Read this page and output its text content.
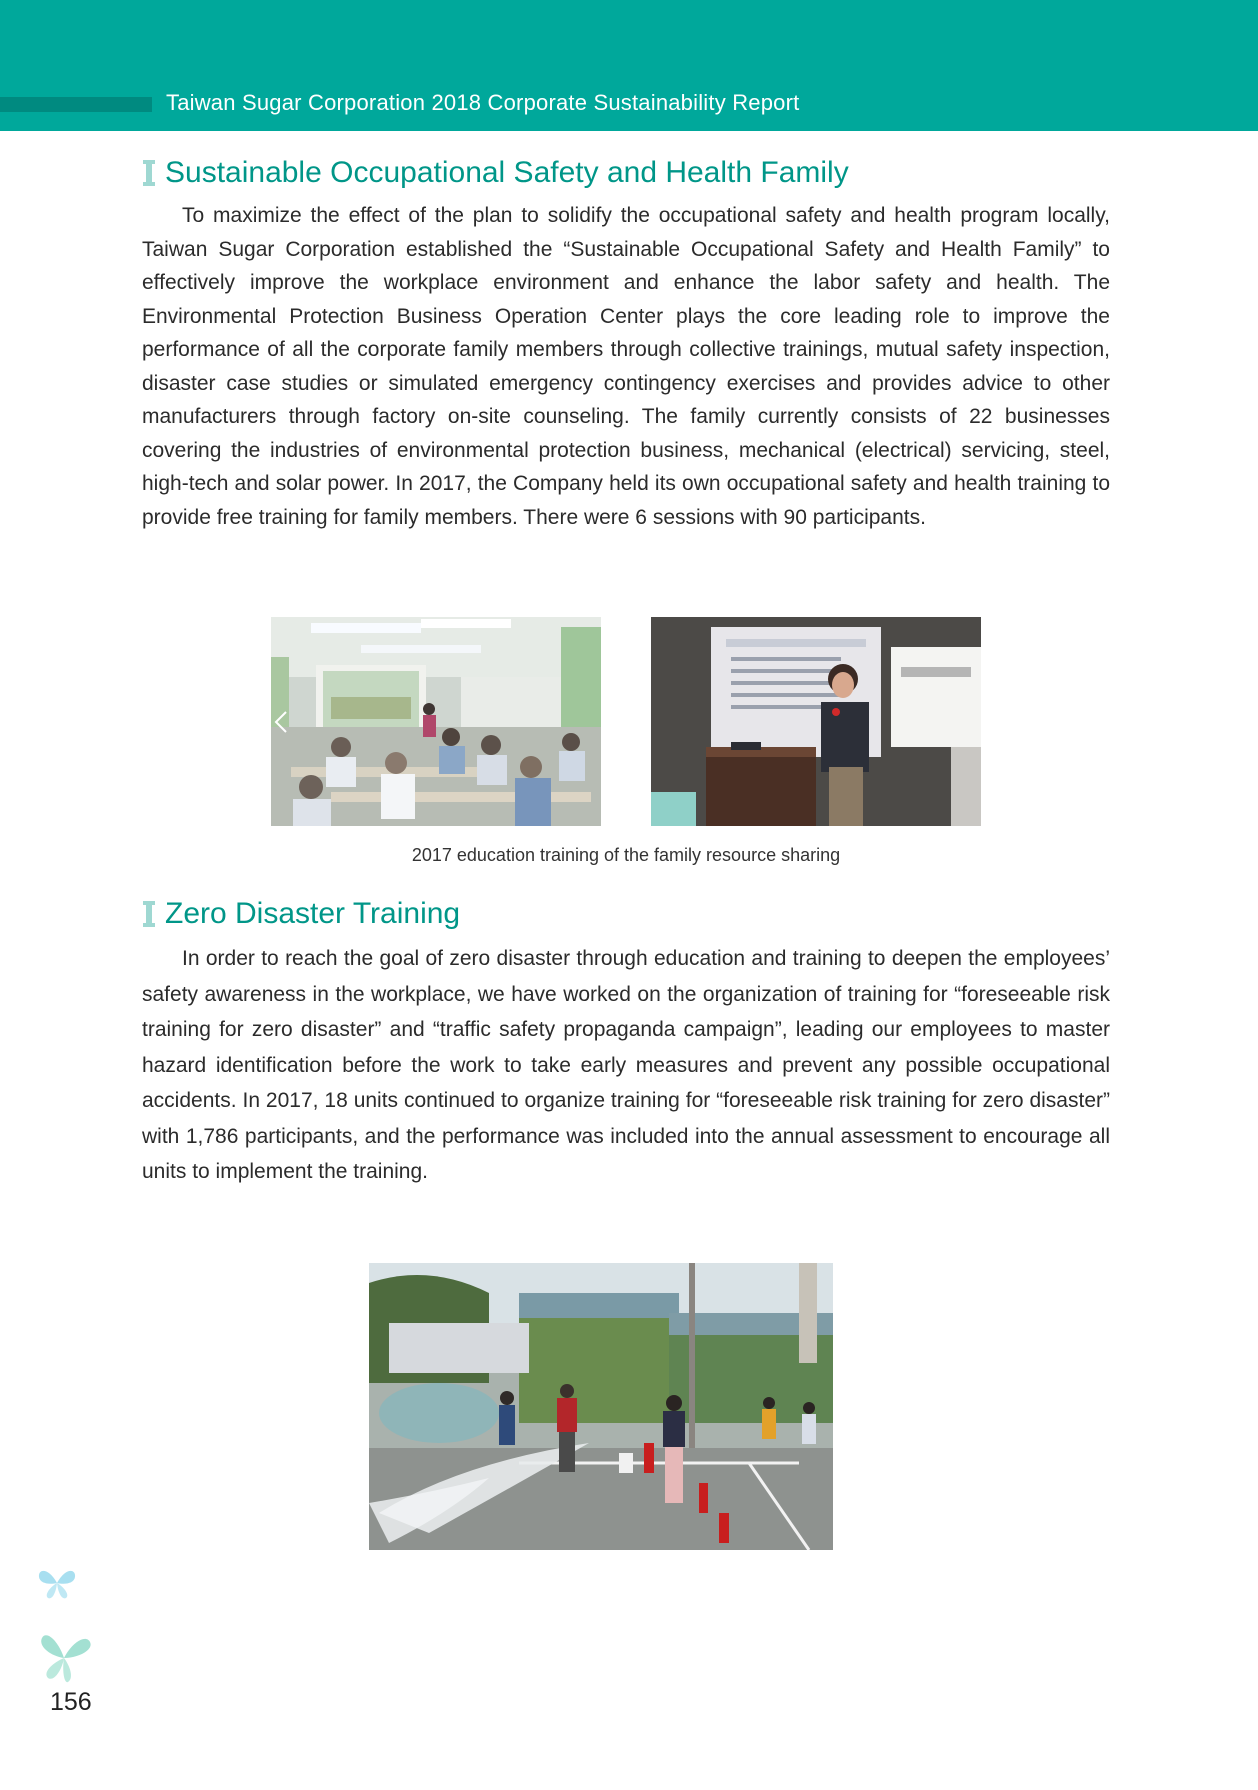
Taiwan Sugar Corporation 2018 Corporate Sustainability Report
Sustainable Occupational Safety and Health Family

To maximize the effect of the plan to solidify the occupational safety and health program locally, Taiwan Sugar Corporation established the “Sustainable Occupational Safety and Health Family” to effectively improve the workplace environment and enhance the labor safety and health. The Environmental Protection Business Operation Center plays the core leading role to improve the performance of all the corporate family members through collective trainings, mutual safety inspection, disaster case studies or simulated emergency contingency exercises and provides advice to other manufacturers through factory on-site counseling. The family currently consists of 22 businesses covering the industries of environmental protection business, mechanical (electrical) servicing, steel, high-tech and solar power. In 2017, the Company held its own occupational safety and health training to provide free training for family members. There were 6 sessions with 90 participants.

2017 education training of the family resource sharing
Zero Disaster Training

In order to reach the goal of zero disaster through education and training to deepen the employees’ safety awareness in the workplace, we have worked on the organization of training for “foreseeable risk training for zero disaster” and “traffic safety propaganda campaign”, leading our employees to master hazard identification before the work to take early measures and prevent any possible occupational accidents. In 2017, 18 units continued to organize training for “foreseeable risk training for zero disaster” with 1,786 participants, and the performance was included into the annual assessment to encourage all units to implement the training.

156
